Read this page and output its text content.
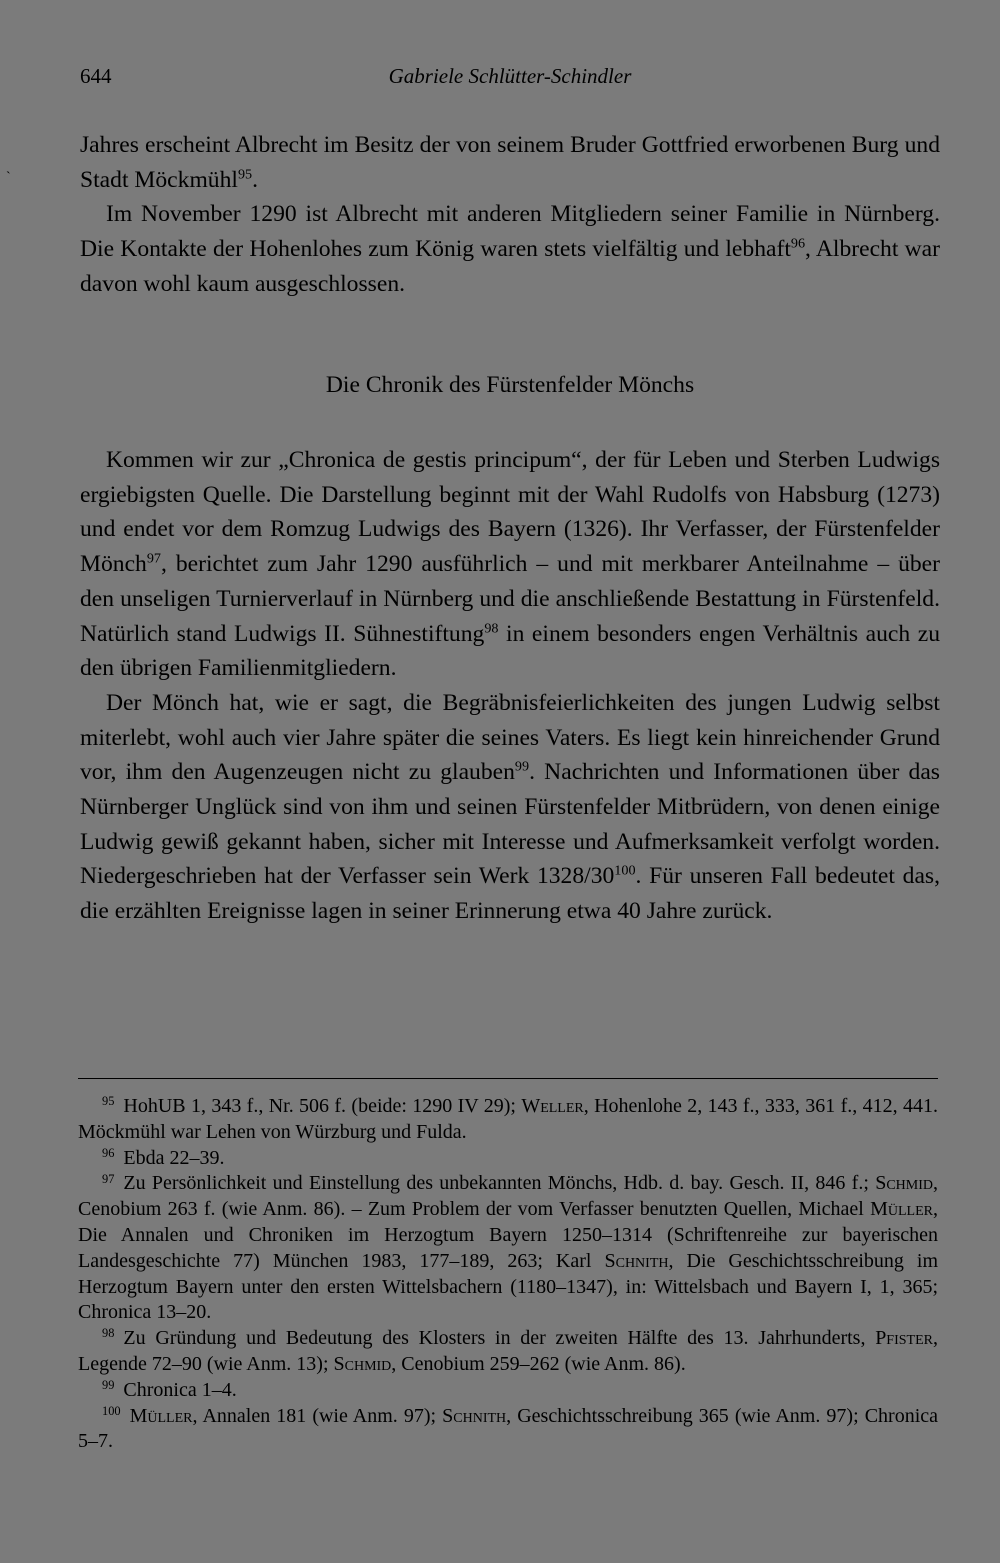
644	Gabriele Schlütter-Schindler
`

Jahres erscheint Albrecht im Besitz der von seinem Bruder Gottfried erworbenen Burg und Stadt Möckmühl$^{95}$.

Im November 1290 ist Albrecht mit anderen Mitgliedern seiner Familie in Nürnberg. Die Kontakte der Hohenlohes zum König waren stets vielfältig und lebhaft$^{96}$, Albrecht war davon wohl kaum ausgeschlossen.

Die Chronik des Fürstenfelder Mönchs

Kommen wir zur „Chronica de gestis principum“, der für Leben und Sterben Ludwigs ergiebigsten Quelle. Die Darstellung beginnt mit der Wahl Rudolfs von Habsburg (1273) und endet vor dem Romzug Ludwigs des Bayern (1326). Ihr Verfasser, der Fürstenfelder Mönch$^{97}$, berichtet zum Jahr 1290 ausführlich – und mit merkbarer Anteilnahme – über den unseligen Turnierverlauf in Nürnberg und die anschließende Bestattung in Fürstenfeld. Natürlich stand Ludwigs II. Sühnestiftung$^{98}$ in einem besonders engen Verhältnis auch zu den übrigen Familienmitgliedern.

Der Mönch hat, wie er sagt, die Begräbnisfeierlichkeiten des jungen Ludwig selbst miterlebt, wohl auch vier Jahre später die seines Vaters. Es liegt kein hinreichender Grund vor, ihm den Augenzeugen nicht zu glauben$^{99}$. Nachrichten und Informationen über das Nürnberger Unglück sind von ihm und seinen Fürstenfelder Mitbrüdern, von denen einige Ludwig gewiß gekannt haben, sicher mit Interesse und Aufmerksamkeit verfolgt worden. Niedergeschrieben hat der Verfasser sein Werk $1328/30^{100}$. Für unseren Fall bedeutet das, die erzählten Ereignisse lagen in seiner Erinnerung etwa 40 Jahre zurück.

$^{95}$ HohUB 1, 343 f., Nr. 506 f. (beide: 1290 IV 29); Weller, Hohenlohe 2, 143 f., 333, 361 f., 412, 441. Möckmühl war Lehen von Würzburg und Fulda.

$^{96}$ Ebda 22–39.

$^{97}$ Zu Persönlichkeit und Einstellung des unbekannten Mönchs, Hdb. d. bay. Gesch. II, 846 f.; Schmid, Cenobium 263 f. (wie Anm. 86). – Zum Problem der vom Verfasser benutzten Quellen, Michael Müller, Die Annalen und Chroniken im Herzogtum Bayern 1250–1314 (Schriftenreihe zur bayerischen Landesgeschichte 77) München 1983, 177–189, 263; Karl Schnith, Die Geschichtsschreibung im Herzogtum Bayern unter den ersten Wittelsbachern (1180–1347), in: Wittelsbach und Bayern I, 1, 365; Chronica 13–20.

$^{98}$ Zu Gründung und Bedeutung des Klosters in der zweiten Hälfte des 13. Jahrhunderts, Pfister, Legende 72–90 (wie Anm. 13); Schmid, Cenobium 259–262 (wie Anm. 86).

$^{99}$ Chronica 1–4.

$^{100}$ Müller, Annalen 181 (wie Anm. 97); Schnith, Geschichtsschreibung 365 (wie Anm. 97); Chronica 5–7.
